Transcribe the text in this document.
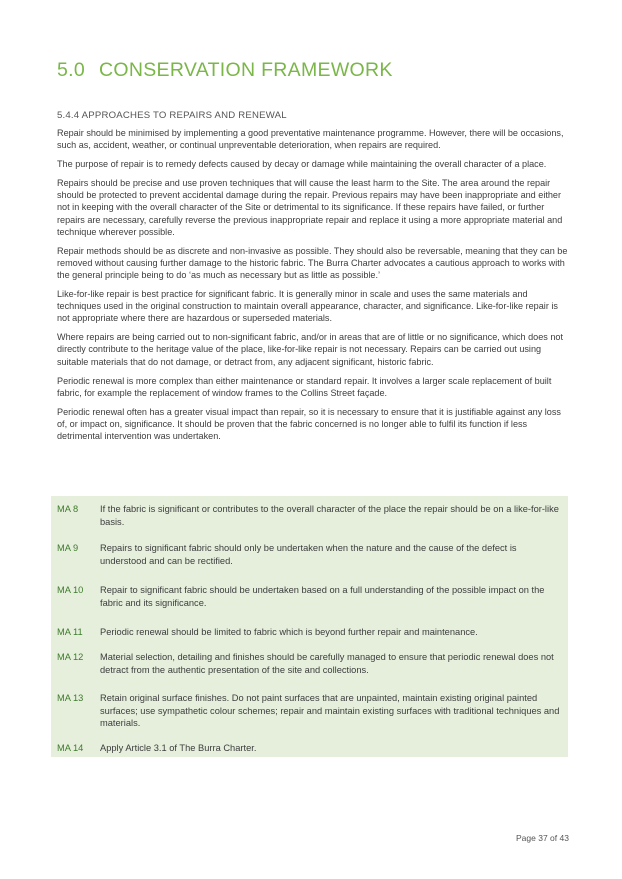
5.0 CONSERVATION FRAMEWORK
5.4.4 APPROACHES TO REPAIRS AND RENEWAL

Repair should be minimised by implementing a good preventative maintenance programme. However, there will be occasions, such as, accident, weather, or continual unpreventable deterioration, when repairs are required.

The purpose of repair is to remedy defects caused by decay or damage while maintaining the overall character of a place.

Repairs should be precise and use proven techniques that will cause the least harm to the Site. The area around the repair should be protected to prevent accidental damage during the repair. Previous repairs may have been inappropriate and either not in keeping with the overall character of the Site or detrimental to its significance. If these repairs have failed, or further repairs are necessary, carefully reverse the previous inappropriate repair and replace it using a more appropriate material and technique wherever possible.

Repair methods should be as discrete and non-invasive as possible. They should also be reversable, meaning that they can be removed without causing further damage to the historic fabric. The Burra Charter advocates a cautious approach to works with the general principle being to do ‘as much as necessary but as little as possible.’

Like-for-like repair is best practice for significant fabric. It is generally minor in scale and uses the same materials and techniques used in the original construction to maintain overall appearance, character, and significance. Like-for-like repair is not appropriate where there are hazardous or superseded materials.

Where repairs are being carried out to non-significant fabric, and/or in areas that are of little or no significance, which does not directly contribute to the heritage value of the place, like-for-like repair is not necessary. Repairs can be carried out using suitable materials that do not damage, or detract from, any adjacent significant, historic fabric.

Periodic renewal is more complex than either maintenance or standard repair. It involves a larger scale replacement of built fabric, for example the replacement of window frames to the Collins Street façade.

Periodic renewal often has a greater visual impact than repair, so it is necessary to ensure that it is justifiable against any loss of, or impact on, significance. It should be proven that the fabric concerned is no longer able to fulfil its function if less detrimental intervention was undertaken.

MA 8	If the fabric is significant or contributes to the overall character of the place the repair should be on a like-for-like basis.
MA 9	Repairs to significant fabric should only be undertaken when the nature and the cause of the defect is understood and can be rectified.
MA 10	Repair to significant fabric should be undertaken based on a full understanding of the possible impact on the fabric and its significance.
MA 11	Periodic renewal should be limited to fabric which is beyond further repair and maintenance.
MA 12	Material selection, detailing and finishes should be carefully managed to ensure that periodic renewal does not detract from the authentic presentation of the site and collections.
MA 13	Retain original surface finishes. Do not paint surfaces that are unpainted, maintain existing original painted surfaces; use sympathetic colour schemes; repair and maintain existing surfaces with traditional techniques and materials.
MA 14	Apply Article 3.1 of The Burra Charter.
Page 37 of 43
